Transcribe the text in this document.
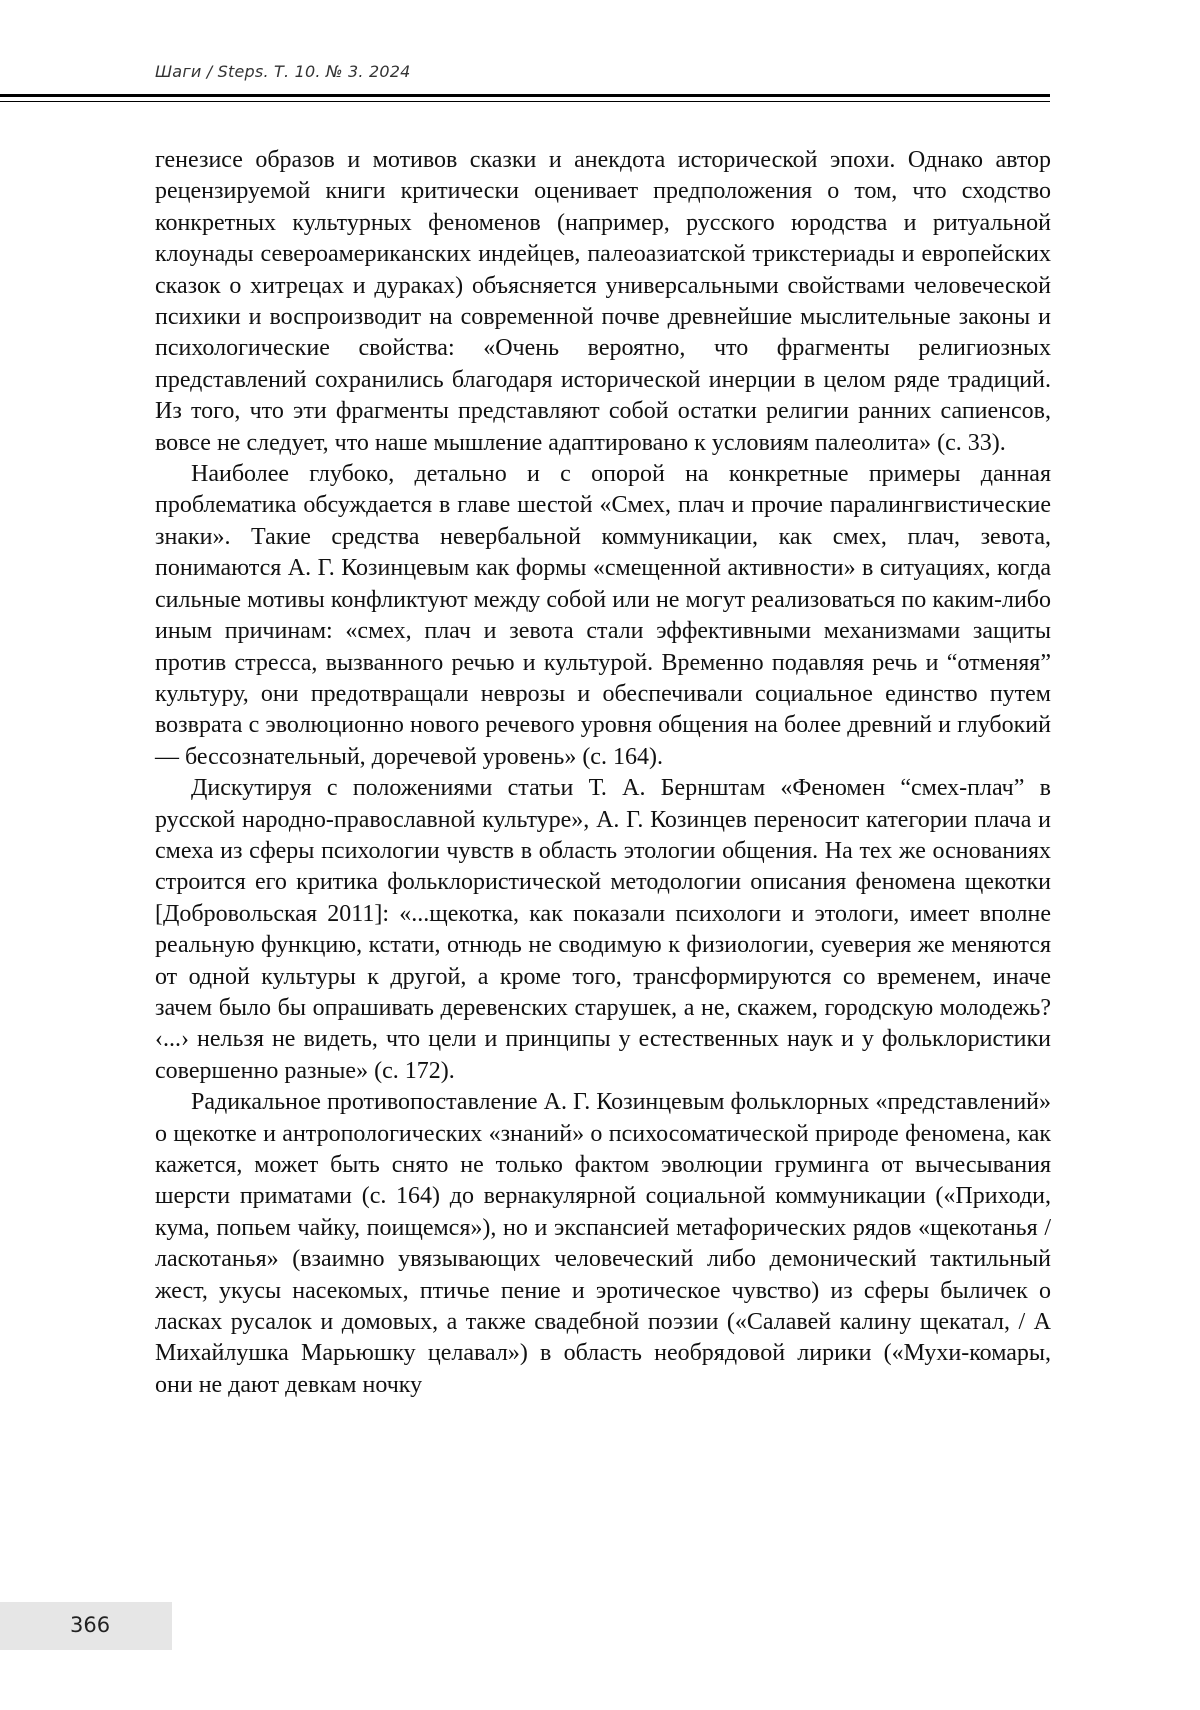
Шаги / Steps. Т. 10. № 3. 2024

генезисе образов и мотивов сказки и анекдота исторической эпохи. Однако автор рецензируемой книги критически оценивает предположения о том, что сходство конкретных культурных феноменов (например, русского юродства и ритуальной клоунады североамериканских индейцев, палеоазиатской трикстериады и европейских сказок о хитрецах и дураках) объясняется универсальными свойствами человеческой психики и воспроизводит на современной почве древнейшие мыслительные законы и психологические свойства: «Очень вероятно, что фрагменты религиозных представлений сохранились благодаря исторической инерции в целом ряде традиций. Из того, что эти фрагменты представляют собой остатки религии ранних сапиенсов, вовсе не следует, что наше мышление адаптировано к условиям палеолита» (с. 33).

Наиболее глубоко, детально и с опорой на конкретные примеры данная проблематика обсуждается в главе шестой «Смех, плач и прочие паралингвистические знаки». Такие средства невербальной коммуникации, как смех, плач, зевота, понимаются А. Г. Козинцевым как формы «смещенной активности» в ситуациях, когда сильные мотивы конфликтуют между собой или не могут реализоваться по каким-либо иным причинам: «смех, плач и зевота стали эффективными механизмами защиты против стресса, вызванного речью и культурой. Временно подавляя речь и “отменяя” культуру, они предотвращали неврозы и обеспечивали социальное единство путем возврата с эволюционно нового речевого уровня общения на более древний и глубокий — бессознательный, доречевой уровень» (с. 164).

Дискутируя с положениями статьи Т. А. Бернштам «Феномен “смех-плач” в русской народно-православной культуре», А. Г. Козинцев переносит категории плача и смеха из сферы психологии чувств в область этологии общения. На тех же основаниях строится его критика фольклористической методологии описания феномена щекотки [Добровольская 2011]: «...щекотка, как показали психологи и этологи, имеет вполне реальную функцию, кстати, отнюдь не сводимую к физиологии, суеверия же меняются от одной культуры к другой, а кроме того, трансформируются со временем, иначе зачем было бы опрашивать деревенских старушек, а не, скажем, городскую молодежь? ‹...› нельзя не видеть, что цели и принципы у естественных наук и у фольклористики совершенно разные» (с. 172).

Радикальное противопоставление А. Г. Козинцевым фольклорных «представлений» о щекотке и антропологических «знаний» о психосоматической природе феномена, как кажется, может быть снято не только фактом эволюции груминга от вычесывания шерсти приматами (с. 164) до вернакулярной социальной коммуникации («Приходи, кума, попьем чайку, поищемся»), но и экспансией метафорических рядов «щекотанья / ласкотанья» (взаимно увязывающих человеческий либо демонический тактильный жест, укусы насекомых, птичье пение и эротическое чувство) из сферы быличек о ласках русалок и домовых, а также свадебной поэзии («Салавей калину щекатал, / А Михайлушка Марьюшку целавал») в область необрядовой лирики («Мухи-комары, они не дают девкам ночку

366
